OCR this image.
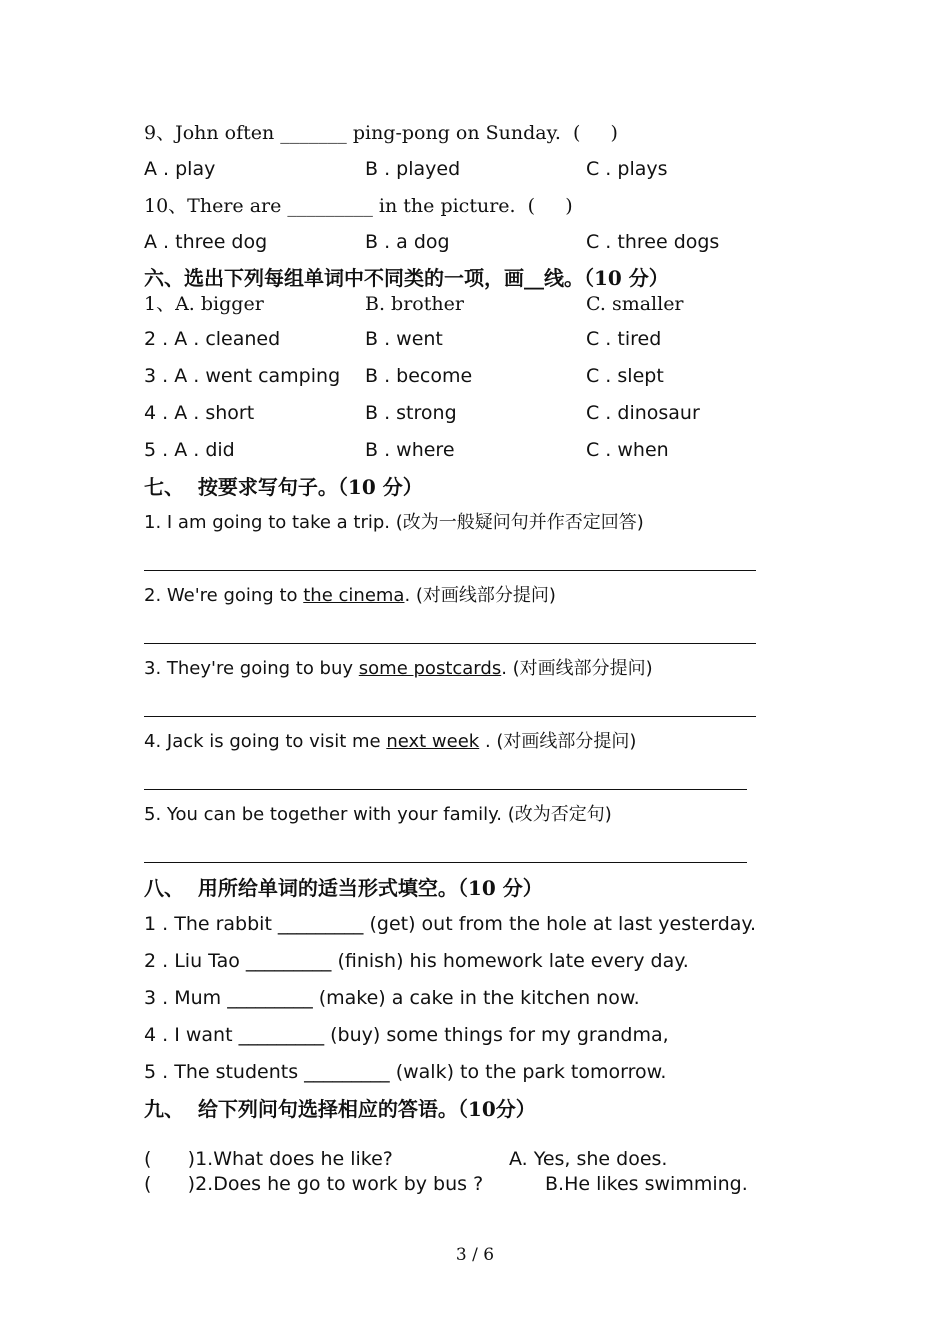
9、John often _______ ping-pong on Sunday.  (     )
A . play	B . played	C . plays
10、There are _________ in the picture.  (     )
A . three dog	B . a dog	C . three dogs
六、选出下列每组单词中不同类的一项，画__线。（10 分）
1、A. bigger	B. brother	C. smaller
2 . A . cleaned	B . went	C . tired
3 . A . went camping B . become	C . slept
4 . A . short	B . strong	C . dinosaur
5 . A . did	B . where	C . when
七、  按要求写句子。（10 分）
1. I am going to take a trip. (改为一般疑问句并作否定回答)
2. We're going to the cinema. (对画线部分提问)
3. They're going to buy some postcards. (对画线部分提问)
4. Jack is going to visit me next week . (对画线部分提问)
5. You can be together with your family. (改为否定句)
八、  用所给单词的适当形式填空。（10 分）
1 . The rabbit _________ (get) out from the hole at last yesterday.
2 . Liu Tao _________ (finish) his homework late every day.
3 . Mum _________ (make) a cake in the kitchen now.
4 . I want _________ (buy) some things for my grandma,
5 . The students _________ (walk) to the park tomorrow.
九、  给下列问句选择相应的答语。（10分）
(      )1.What does he like?	A. Yes, she does.
(      )2.Does he go to work by bus ?	B.He likes swimming.
3 / 6
